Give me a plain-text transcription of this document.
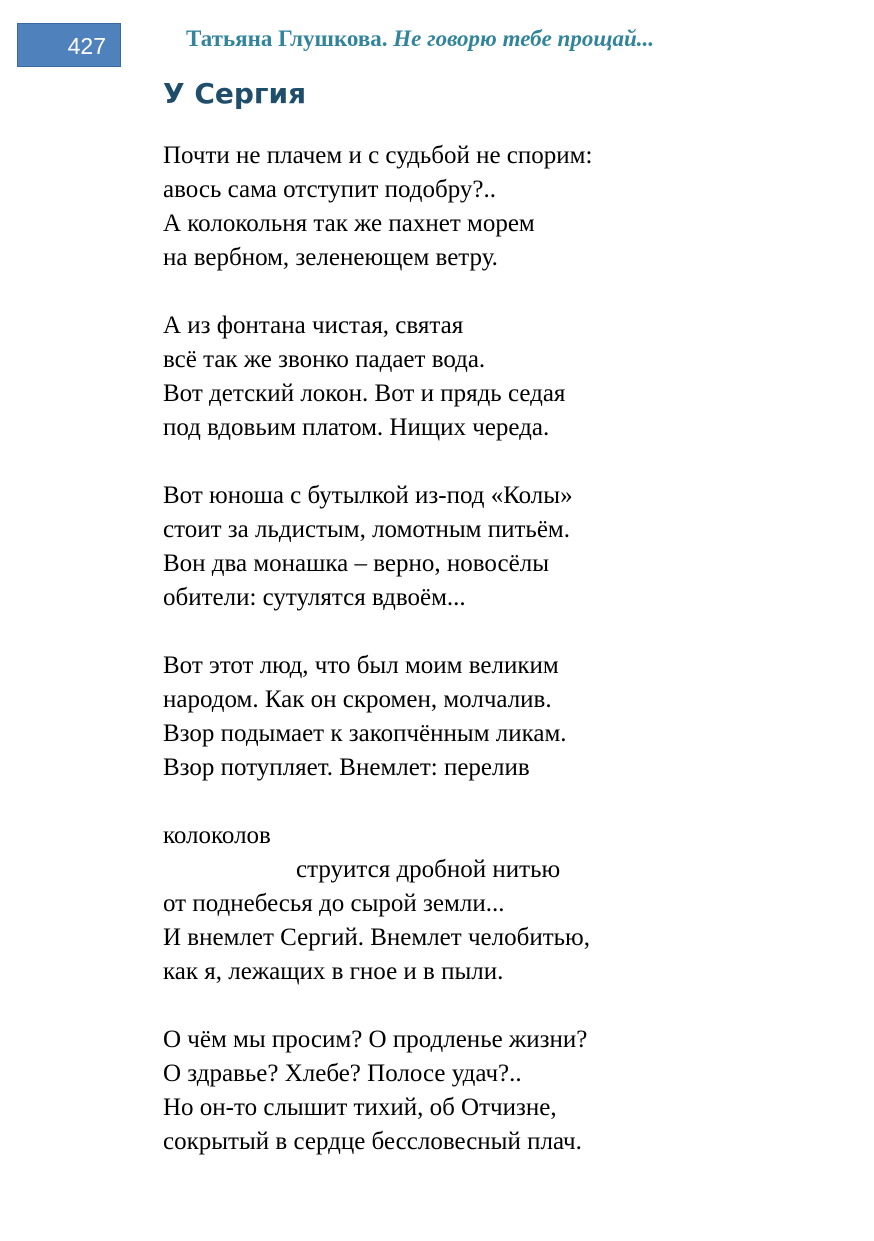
427	Татьяна Глушкова. Не говорю тебе прощай...
У Сергия
Почти не плачем и с судьбой не спорим:
авось сама отступит подобру?..
А колокольня так же пахнет морем
на вербном, зеленеющем ветру.
А из фонтана чистая, святая
всё так же звонко падает вода.
Вот детский локон. Вот и прядь седая
под вдовьим платом. Нищих череда.
Вот юноша с бутылкой из-под «Колы»
стоит за льдистым, ломотным питьём.
Вон два монашка – верно, новосёлы
обители: сутулятся вдвоём...
Вот этот люд, что был моим великим
народом. Как он скромен, молчалив.
Взор подымает к закопчённым ликам.
Взор потупляет. Внемлет: перелив
колоколов
струится дробной нитью
от поднебесья до сырой земли...
И внемлет Сергий. Внемлет челобитью,
как я, лежащих в гное и в пыли.
О чём мы просим? О продленье жизни?
О здравье? Хлебе? Полосе удач?..
Но он-то слышит тихий, об Отчизне,
сокрытый в сердце бессловесный плач.
